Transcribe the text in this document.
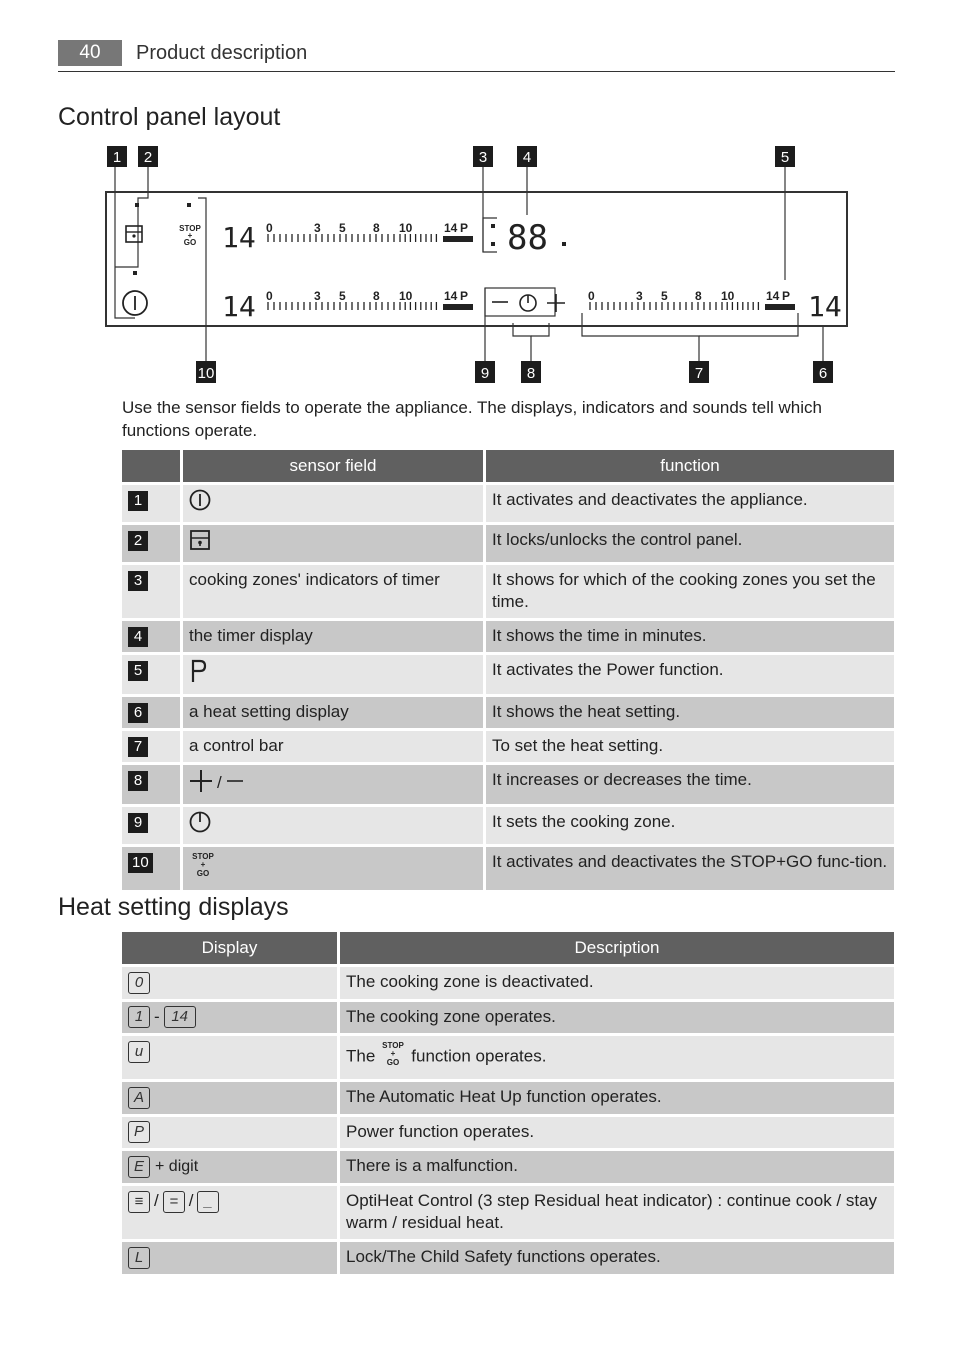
40	Product description
Control panel layout
1 2	3 4	5
10	9	8	7	6
STOP
+
GO 14
14	14
88
0	3 5 8 10	14 P
0	3 5 8 10	14 P	0	3 5 8 10	14 P
Use the sensor fields to operate the appliance. The displays, indicators and sounds tell which functions operate.
	sensor field	function
1		It activates and deactivates the appliance.
2		It locks/unlocks the control panel.
3	cooking zones' indicators of timer	It shows for which of the cooking zones you set the time.
4	the timer display	It shows the time in minutes.
5		It activates the Power function.
6	a heat setting display	It shows the heat setting.
7	a control bar	To set the heat setting.
8	/	It increases or decreases the time.
9		It sets the cooking zone.
10	STOP
+
GO	It activates and deactivates the STOP+GO func-tion.
Heat setting displays
Display	Description
0	The cooking zone is deactivated.
1 - 14	The cooking zone operates.
u	The
STOP
+
GO function operates.
A	The Automatic Heat Up function operates.
P	Power function operates.
E + digit	There is a malfunction.
≡ / = / _	OptiHeat Control (3 step Residual heat indicator) : continue cook / stay warm / residual heat.
L	Lock/The Child Safety functions operates.
